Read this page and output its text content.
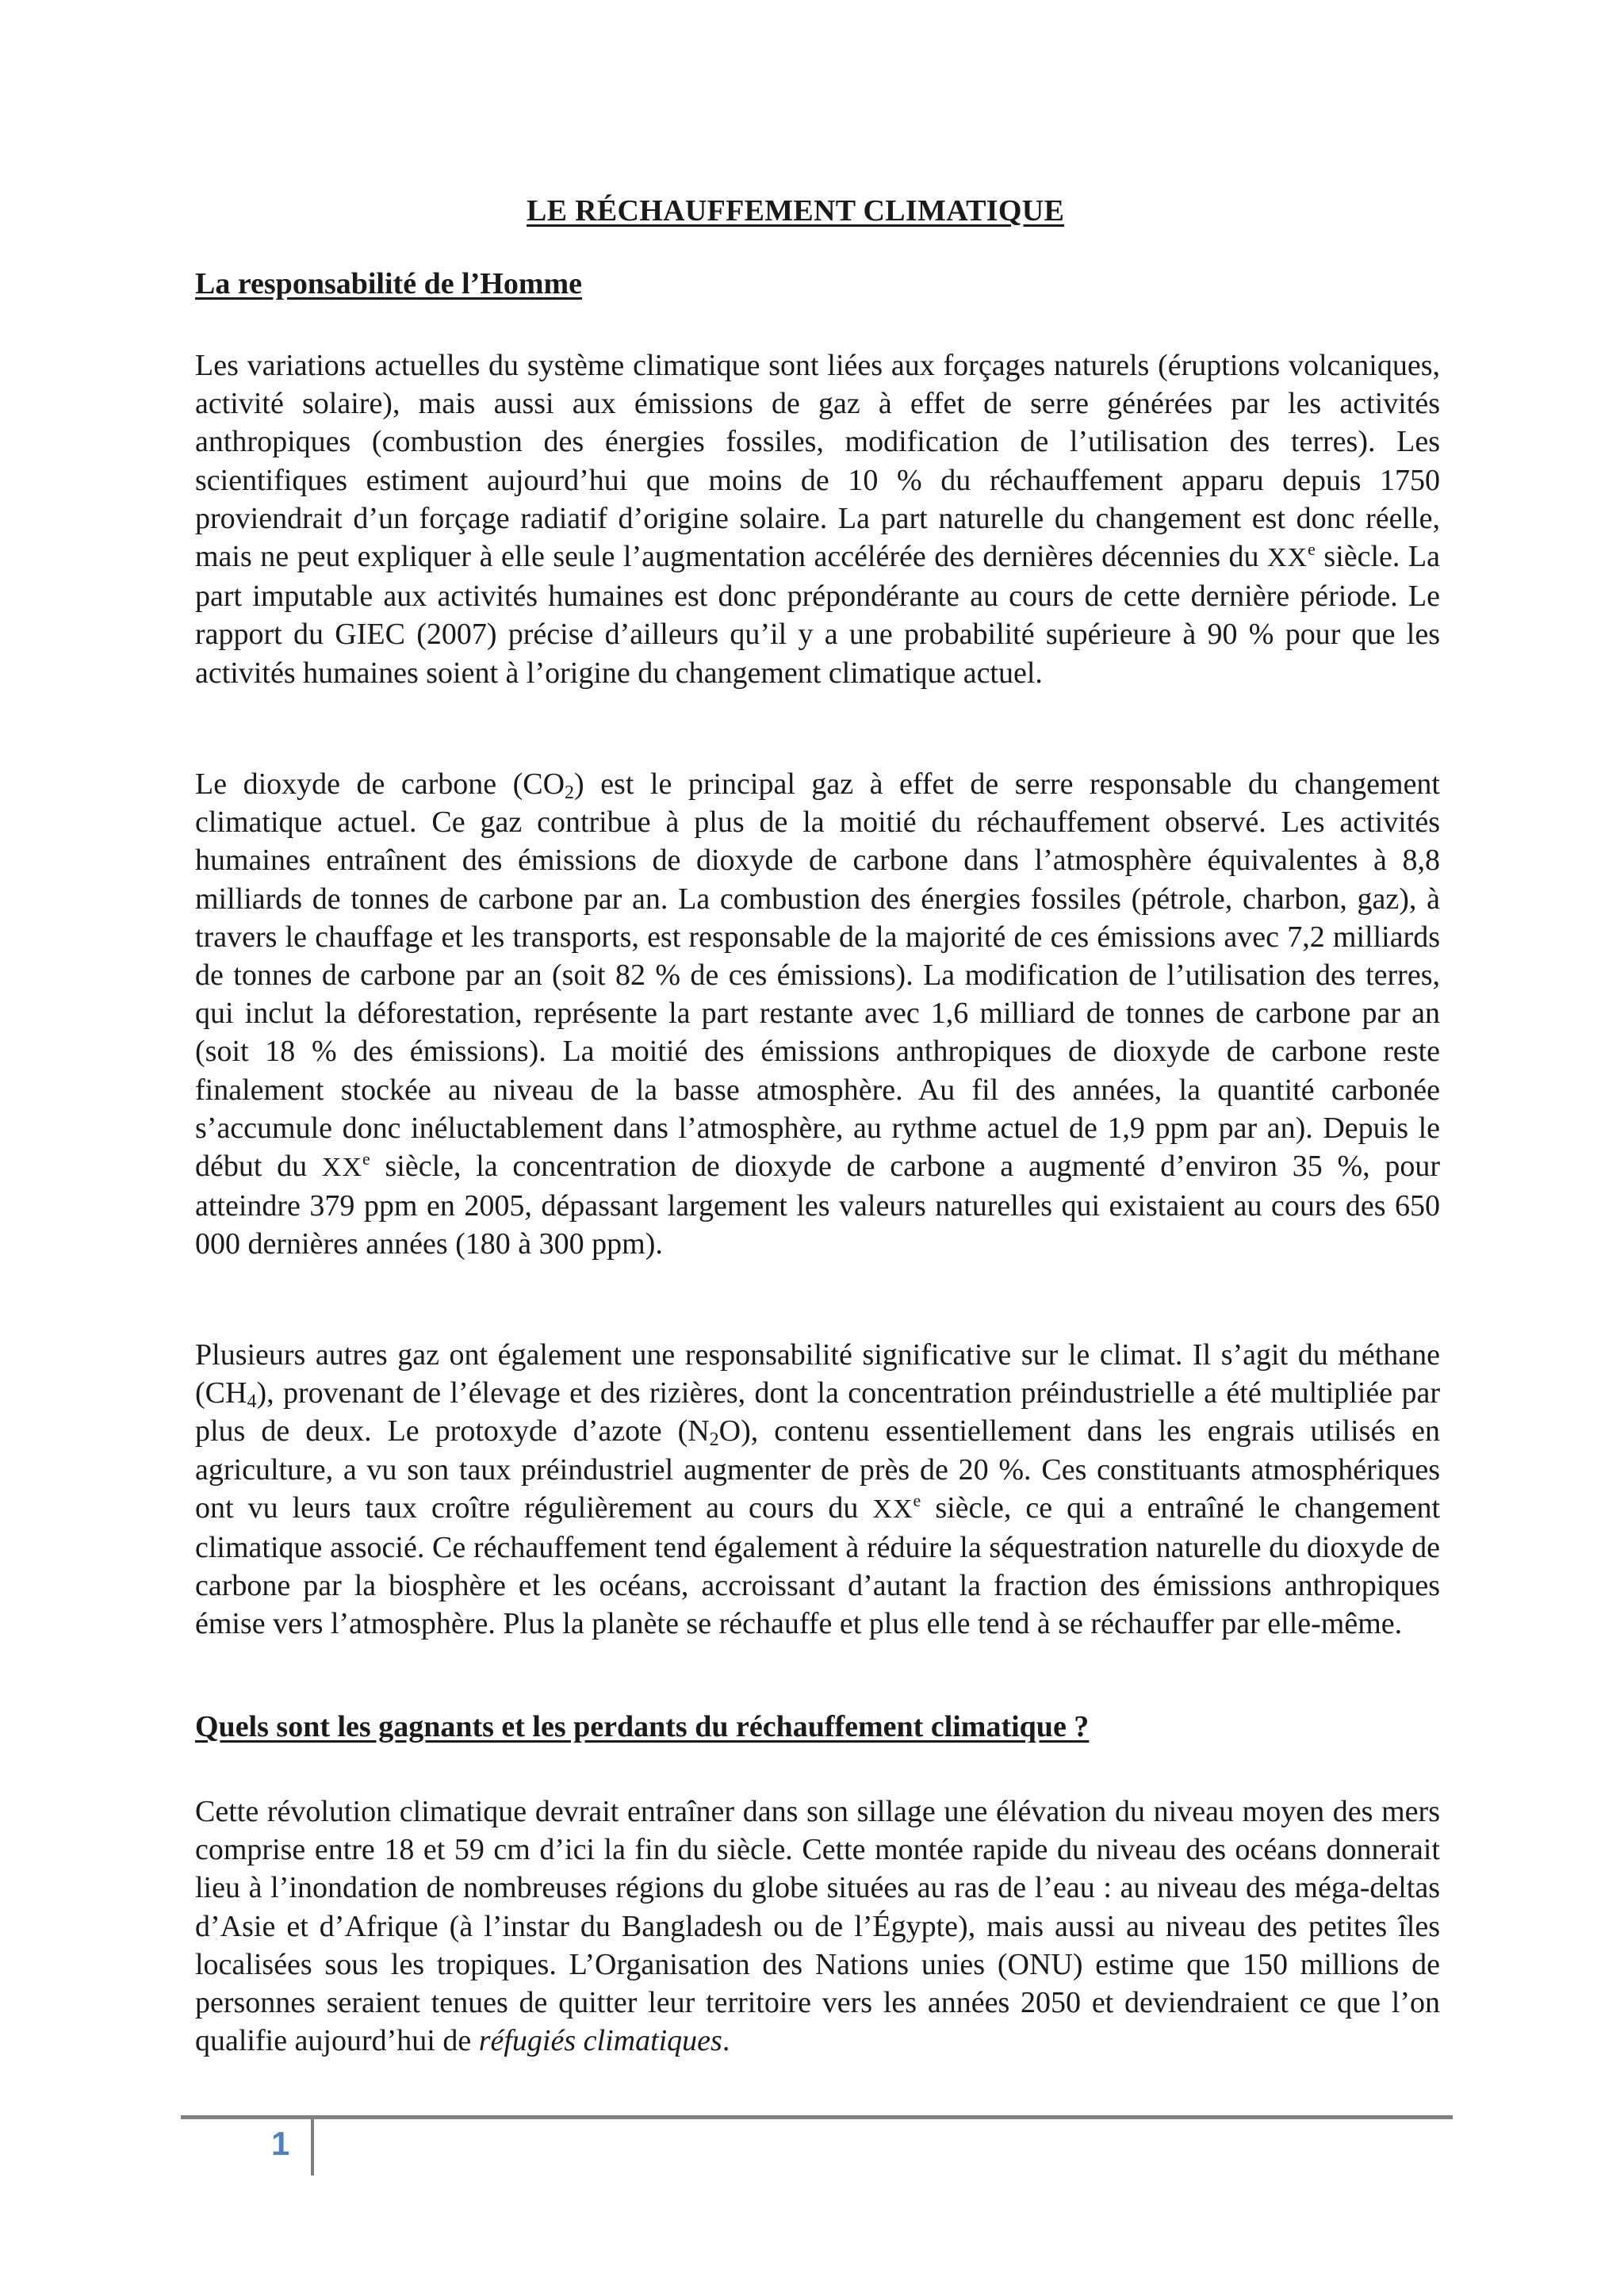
LE RÉCHAUFFEMENT CLIMATIQUE
La responsabilité de l’Homme

Les variations actuelles du système climatique sont liées aux forçages naturels (éruptions volcaniques, activité solaire), mais aussi aux émissions de gaz à effet de serre générées par les activités anthropiques (combustion des énergies fossiles, modification de l’utilisation des terres). Les scientifiques estiment aujourd’hui que moins de 10 % du réchauffement apparu depuis 1750 proviendrait d’un forçage radiatif d’origine solaire. La part naturelle du changement est donc réelle, mais ne peut expliquer à elle seule l’augmentation accélérée des dernières décennies du XXe siècle. La part imputable aux activités humaines est donc prépondérante au cours de cette dernière période. Le rapport du GIEC (2007) précise d’ailleurs qu’il y a une probabilité supérieure à 90 % pour que les activités humaines soient à l’origine du changement climatique actuel.

Le dioxyde de carbone $(CO_2)$ est le principal gaz à effet de serre responsable du changement climatique actuel. Ce gaz contribue à plus de la moitié du réchauffement observé. Les activités humaines entraînent des émissions de dioxyde de carbone dans l’atmosphère équivalentes à 8,8 milliards de tonnes de carbone par an. La combustion des énergies fossiles (pétrole, charbon, gaz), à travers le chauffage et les transports, est responsable de la majorité de ces émissions avec 7,2 milliards de tonnes de carbone par an (soit 82 % de ces émissions). La modification de l’utilisation des terres, qui inclut la déforestation, représente la part restante avec 1,6 milliard de tonnes de carbone par an (soit 18 % des émissions). La moitié des émissions anthropiques de dioxyde de carbone reste finalement stockée au niveau de la basse atmosphère. Au fil des années, la quantité carbonée s’accumule donc inéluctablement dans l’atmosphère, au rythme actuel de 1,9 ppm par an). Depuis le début du XXe siècle, la concentration de dioxyde de carbone a augmenté d’environ 35 %, pour atteindre 379 ppm en 2005, dépassant largement les valeurs naturelles qui existaient au cours des 650 000 dernières années (180 à 300 ppm).

Plusieurs autres gaz ont également une responsabilité significative sur le climat. Il s’agit du méthane $(CH_4)$, provenant de l’élevage et des rizières, dont la concentration préindustrielle a été multipliée par plus de deux. Le protoxyde d’azote $(N_2O)$, contenu essentiellement dans les engrais utilisés en agriculture, a vu son taux préindustriel augmenter de près de 20 %. Ces constituants atmosphériques ont vu leurs taux croître régulièrement au cours du XXe siècle, ce qui a entraîné le changement climatique associé. Ce réchauffement tend également à réduire la séquestration naturelle du dioxyde de carbone par la biosphère et les océans, accroissant d’autant la fraction des émissions anthropiques émise vers l’atmosphère. Plus la planète se réchauffe et plus elle tend à se réchauffer par elle-même.

Quels sont les gagnants et les perdants du réchauffement climatique ?

Cette révolution climatique devrait entraîner dans son sillage une élévation du niveau moyen des mers comprise entre 18 et 59 cm d’ici la fin du siècle. Cette montée rapide du niveau des océans donnerait lieu à l’inondation de nombreuses régions du globe situées au ras de l’eau : au niveau des méga-deltas d’Asie et d’Afrique (à l’instar du Bangladesh ou de l’Égypte), mais aussi au niveau des petites îles localisées sous les tropiques. L’Organisation des Nations unies (ONU) estime que 150 millions de personnes seraient tenues de quitter leur territoire vers les années 2050 et deviendraient ce que l’on qualifie aujourd’hui de réfugiés climatiques.

1
